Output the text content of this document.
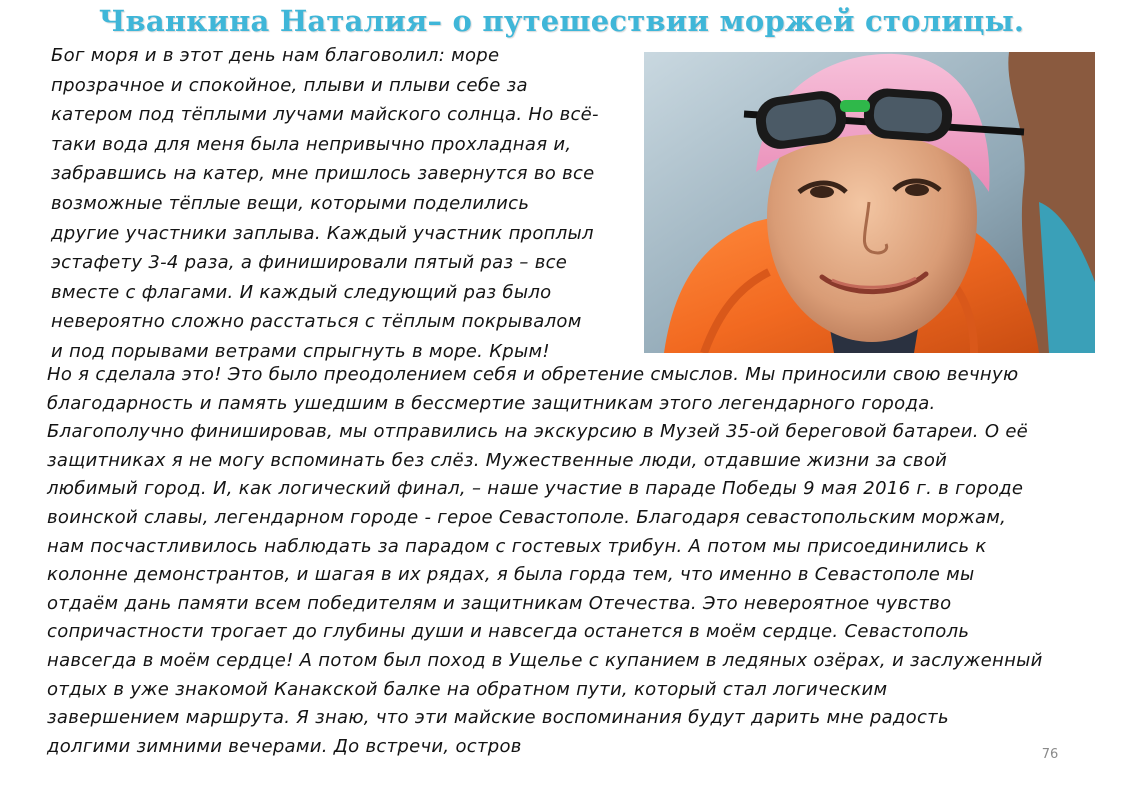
Чванкина Наталия– о путешествии моржей столицы.
Бог моря и в этот день нам благоволил: море
прозрачное и спокойное, плыви и плыви себе за
катером под тёплыми лучами майского солнца. Но всё-
таки вода для меня была непривычно прохладная и,
забравшись на катер, мне пришлось завернутся во все
возможные тёплые вещи, которыми поделились
другие участники заплыва. Каждый участник проплыл
эстафету 3-4 раза, а финишировали пятый раз – все
вместе с флагами. И каждый следующий раз было
невероятно сложно расстаться с тёплым покрывалом
и под порывами ветрами спрыгнуть в море. Крым!
Но я сделала это! Это было преодолением себя и обретение смыслов. Мы приносили свою вечную
благодарность и память ушедшим в бессмертие защитникам этого легендарного города.
Благополучно финишировав, мы отправились на экскурсию в Музей 35-ой береговой батареи. О её
защитниках я не могу вспоминать без слёз. Мужественные люди, отдавшие жизни за свой
любимый город. И, как логический финал, – наше участие в параде Победы 9 мая 2016 г. в городе
воинской славы, легендарном городе - герое Севастополе. Благодаря севастопольским моржам,
нам посчастливилось наблюдать за парадом с гостевых трибун. А потом мы присоединились к
колонне демонстрантов, и шагая в их рядах, я была горда тем, что именно в Севастополе мы
отдаём дань памяти всем победителям и защитникам Отечества. Это невероятное чувство
сопричастности трогает до глубины души и навсегда останется в моём сердце. Севастополь
навсегда в моём сердце! А потом был поход в Ущелье с купанием в ледяных озёрах, и заслуженный
отдых в уже знакомой Канакской балке на обратном пути, который стал логическим
завершением маршрута. Я знаю, что эти майские воспоминания будут дарить мне радость
долгими зимними вечерами. До встречи, остров	76
